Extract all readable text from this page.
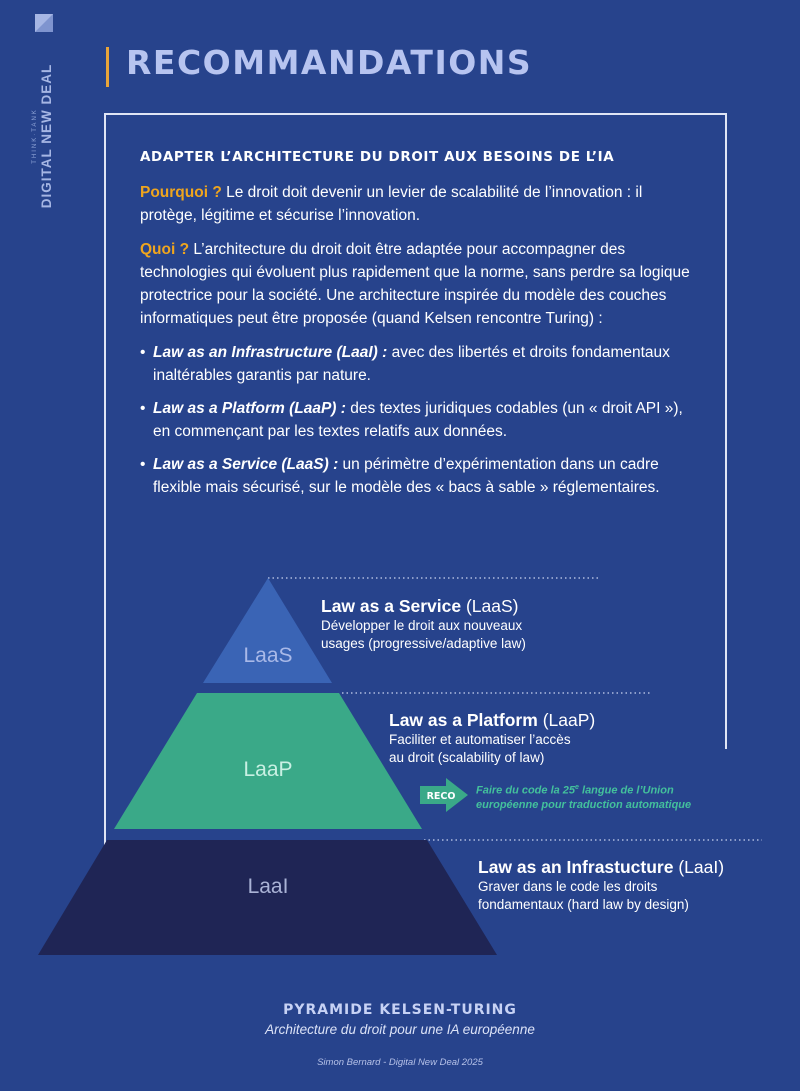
THINK·TANK DIGITAL NEW DEAL
RECOMMANDATIONS
ADAPTER L’ARCHITECTURE DU DROIT AUX BESOINS DE L’IA

Pourquoi ? Le droit doit devenir un levier de scalabilité de l’innovation : il protège, légitime et sécurise l’innovation.

Quoi ? L’architecture du droit doit être adaptée pour accompagner des technologies qui évoluent plus rapidement que la norme, sans perdre sa logique protectrice pour la société. Une architecture inspirée du modèle des couches informatiques peut être proposée (quand Kelsen rencontre Turing) :

• Law as an Infrastructure (LaaI) : avec des libertés et droits fondamentaux inaltérables garantis par nature.
• Law as a Platform (LaaP) : des textes juridiques codables (un « droit API »), en commençant par les textes relatifs aux données.
• Law as a Service (LaaS) : un périmètre d’expérimentation dans un cadre flexible mais sécurisé, sur le modèle des « bacs à sable » réglementaires.
LaaS
LaaP
LaaI
RECO
Law as a Service (LaaS)
Développer le droit aux nouveaux
usages (progressive/adaptive law)
Law as a Platform (LaaP)
Faciliter et automatiser l’accès
au droit (scalability of law)
Law as an Infrastucture (LaaI)
Graver dans le code les droits
fondamentaux (hard law by design)
Faire du code la 25e langue de l’Union
européenne pour traduction automatique
PYRAMIDE KELSEN-TURING
Architecture du droit pour une IA européenne
Simon Bernard - Digital New Deal 2025
